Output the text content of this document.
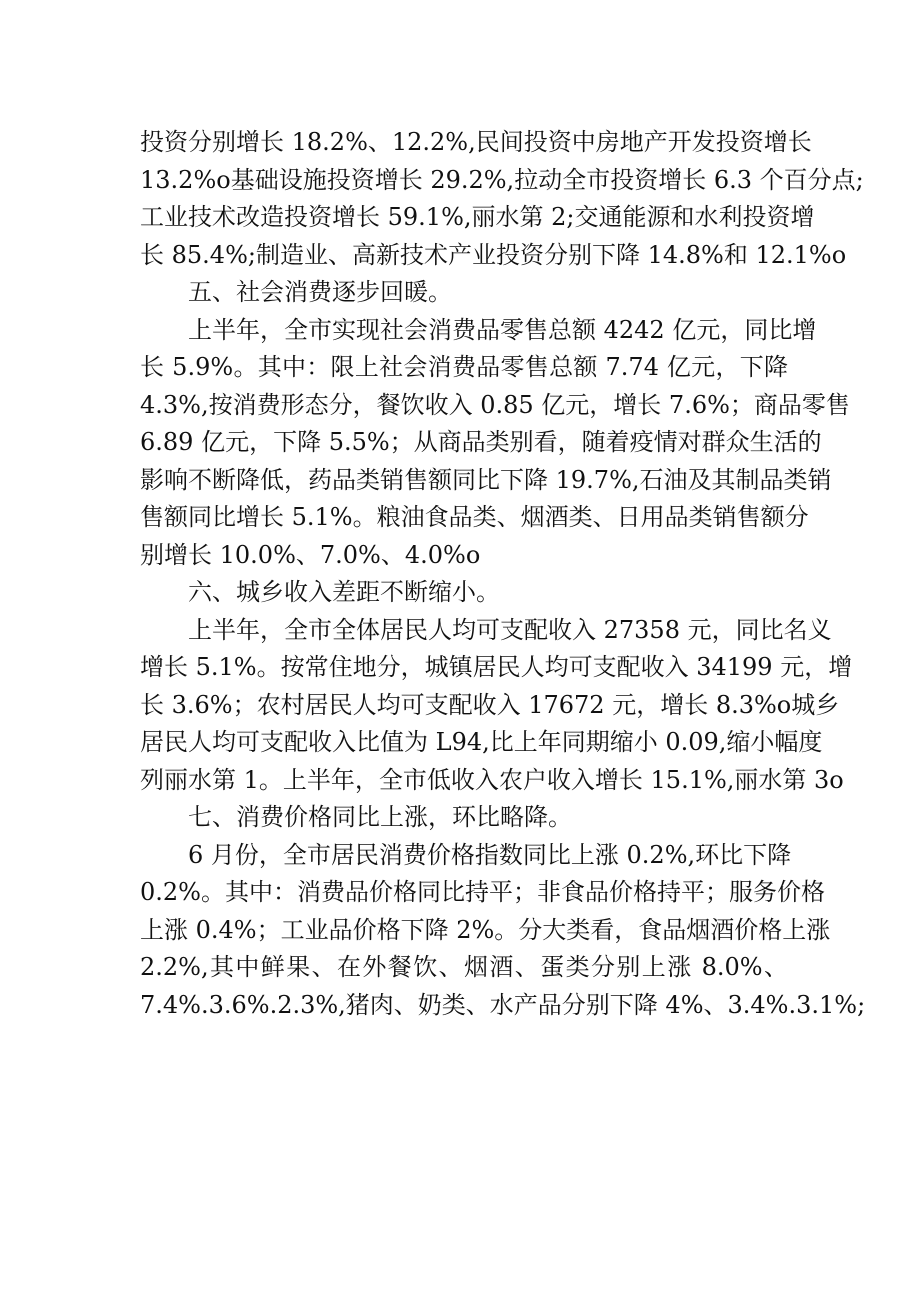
投资分别增长 18.2%、12.2%,民间投资中房地产开发投资增长
13.2%o基础设施投资增长 29.2%,拉动全市投资增长 6.3 个百分点;
工业技术改造投资增长 59.1%,丽水第 2;交通能源和水利投资增
长 85.4%;制造业、高新技术产业投资分别下降 14.8%和 12.1%o
五、社会消费逐步回暖。
上半年，全市实现社会消费品零售总额 4242 亿元，同比增
长 5.9%。其中：限上社会消费品零售总额 7.74 亿元，下降
4.3%,按消费形态分，餐饮收入 0.85 亿元，增长 7.6%；商品零售
6.89 亿元，下降 5.5%；从商品类别看，随着疫情对群众生活的
影响不断降低，药品类销售额同比下降 19.7%,石油及其制品类销
售额同比增长 5.1%。粮油食品类、烟酒类、日用品类销售额分
别增长 10.0%、7.0%、4.0%o
六、城乡收入差距不断缩小。
上半年，全市全体居民人均可支配收入 27358 元，同比名义
增长 5.1%。按常住地分，城镇居民人均可支配收入 34199 元，增
长 3.6%；农村居民人均可支配收入 17672 元，增长 8.3%o城乡
居民人均可支配收入比值为 L94,比上年同期缩小 0.09,缩小幅度
列丽水第 1。上半年，全市低收入农户收入增长 15.1%,丽水第 3o
七、消费价格同比上涨，环比略降。
6 月份，全市居民消费价格指数同比上涨 0.2%,环比下降
0.2%。其中：消费品价格同比持平；非食品价格持平；服务价格
上涨 0.4%；工业品价格下降 2%。分大类看，食品烟酒价格上涨
2.2%,其中鲜果、在外餐饮、烟酒、蛋类分别上涨 8.0%、
7.4%.3.6%.2.3%,猪肉、奶类、水产品分别下降 4%、3.4%.3.1%;
